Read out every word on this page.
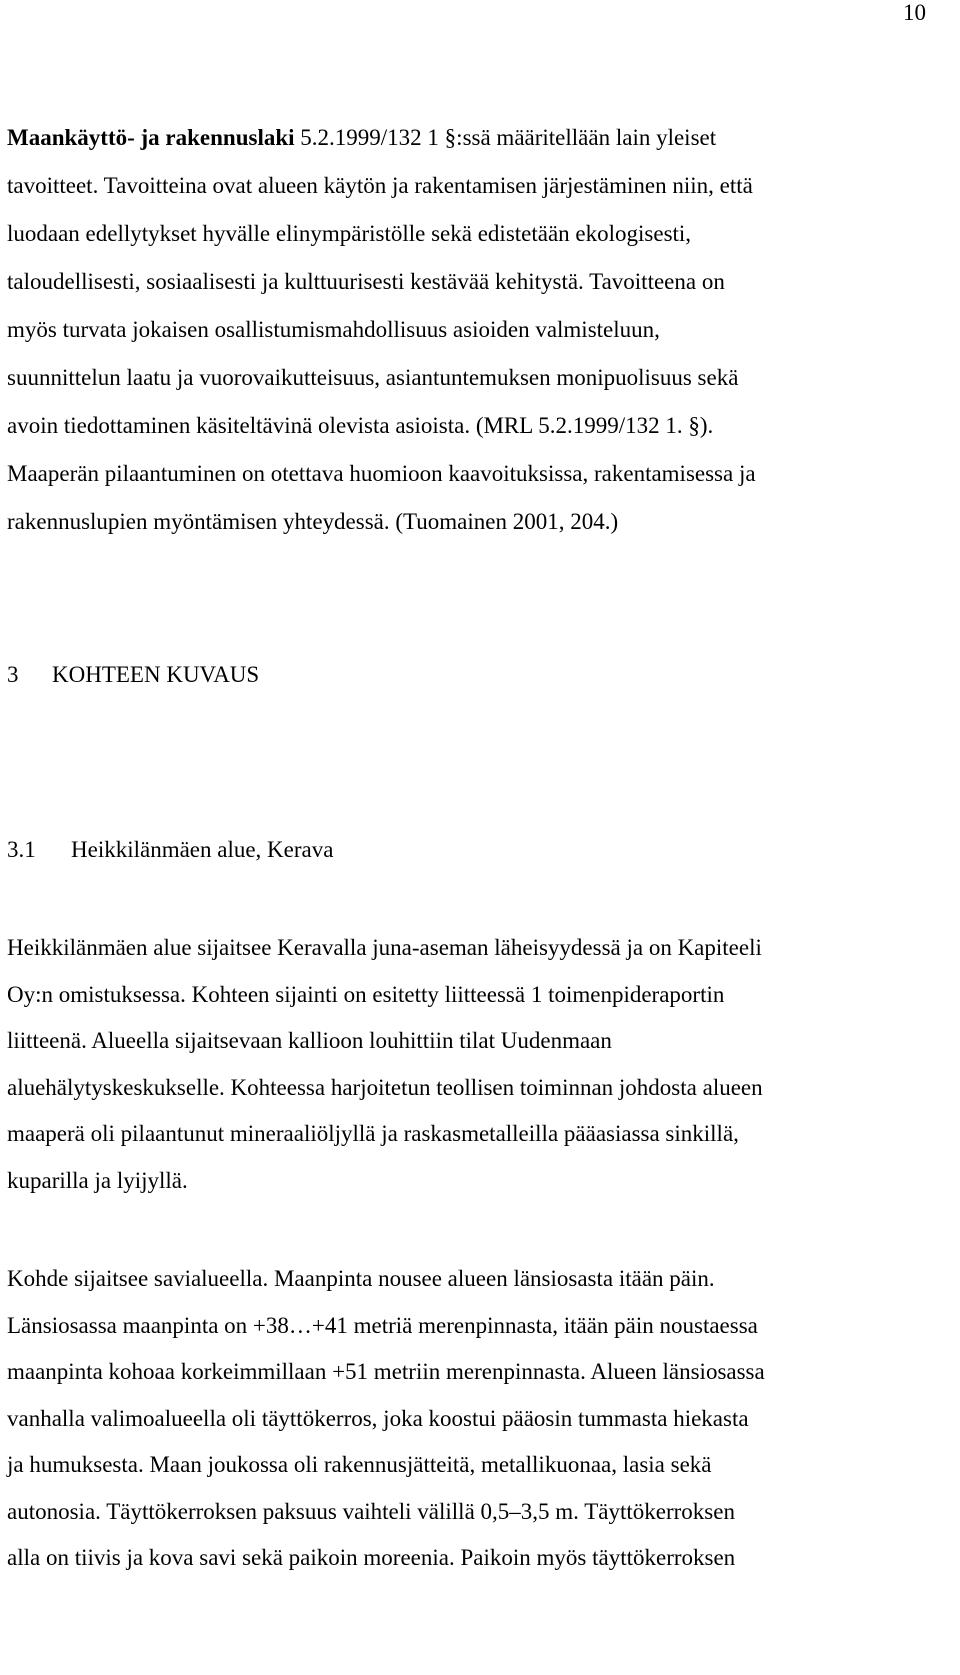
10
Maankäyttö- ja rakennuslaki 5.2.1999/132 1 §:ssä määritellään lain yleiset
tavoitteet. Tavoitteina ovat alueen käytön ja rakentamisen järjestäminen niin, että
luodaan edellytykset hyvälle elinympäristölle sekä edistetään ekologisesti,
taloudellisesti, sosiaalisesti ja kulttuurisesti kestävää kehitystä. Tavoitteena on
myös turvata jokaisen osallistumismahdollisuus asioiden valmisteluun,
suunnittelun laatu ja vuorovaikutteisuus, asiantuntemuksen monipuolisuus sekä
avoin tiedottaminen käsiteltävinä olevista asioista. (MRL 5.2.1999/132 1. §).
Maaperän pilaantuminen on otettava huomioon kaavoituksissa, rakentamisessa ja
rakennuslupien myöntämisen yhteydessä. (Tuomainen 2001, 204.)
3 KOHTEEN KUVAUS
3.1 Heikkilänmäen alue, Kerava
Heikkilänmäen alue sijaitsee Keravalla juna-aseman läheisyydessä ja on Kapiteeli
Oy:n omistuksessa. Kohteen sijainti on esitetty liitteessä 1 toimenpideraportin
liitteenä. Alueella sijaitsevaan kallioon louhittiin tilat Uudenmaan
aluehälytyskeskukselle. Kohteessa harjoitetun teollisen toiminnan johdosta alueen
maaperä oli pilaantunut mineraaliöljyllä ja raskasmetalleilla pääasiassa sinkillä,
kuparilla ja lyijyllä.
Kohde sijaitsee savialueella. Maanpinta nousee alueen länsiosasta itään päin.
Länsiosassa maanpinta on +38…+41 metriä merenpinnasta, itään päin noustaessa
maanpinta kohoaa korkeimmillaan +51 metriin merenpinnasta. Alueen länsiosassa
vanhalla valimoalueella oli täyttökerros, joka koostui pääosin tummasta hiekasta
ja humuksesta. Maan joukossa oli rakennusjätteitä, metallikuonaa, lasia sekä
autonosia. Täyttökerroksen paksuus vaihteli välillä 0,5–3,5 m. Täyttökerroksen
alla on tiivis ja kova savi sekä paikoin moreenia. Paikoin myös täyttökerroksen
